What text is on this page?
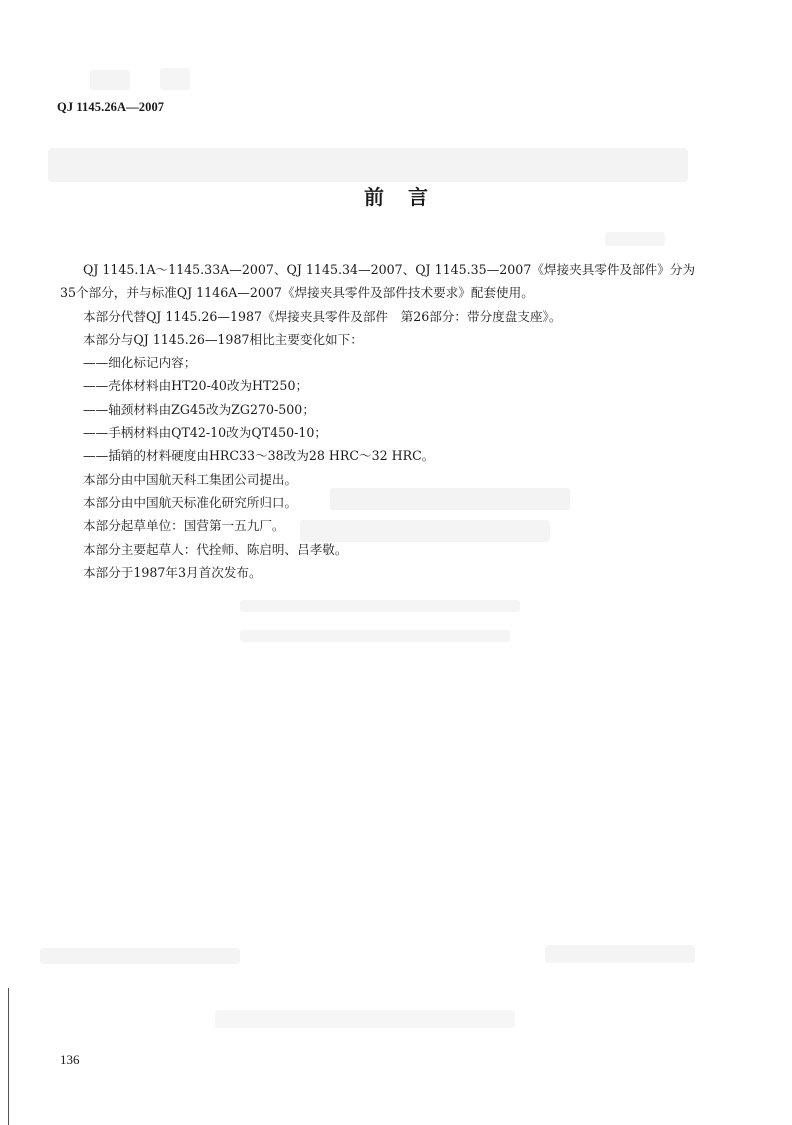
QJ 1145.26A—2007
前言

QJ 1145.1A～1145.33A—2007、QJ 1145.34—2007、QJ 1145.35—2007《焊接夹具零件及部件》分为

35个部分，并与标准QJ 1146A—2007《焊接夹具零件及部件技术要求》配套使用。

本部分代替QJ 1145.26—1987《焊接夹具零件及部件　第26部分：带分度盘支座》。

本部分与QJ 1145.26—1987相比主要变化如下：

——细化标记内容；

——壳体材料由HT20-40改为HT250；

——轴颈材料由ZG45改为ZG270-500；

——手柄材料由QT42-10改为QT450-10；

——插销的材料硬度由HRC33～38改为28 HRC～32 HRC。

本部分由中国航天科工集团公司提出。

本部分由中国航天标准化研究所归口。

本部分起草单位：国营第一五九厂。

本部分主要起草人：代拴师、陈启明、吕孝敬。

本部分于1987年3月首次发布。

136
